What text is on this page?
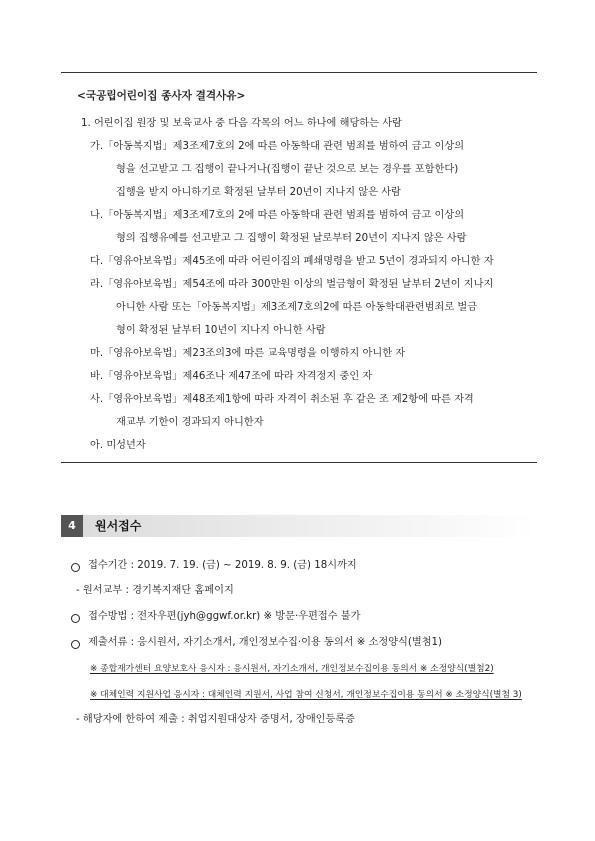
<국공립어린이집 종사자 결격사유>
1. 어린이집 원장 및 보육교사 중 다음 각목의 어느 하나에 해당하는 사람
가.「아동복지법」제3조제7호의 2에 따른 아동학대 관련 범죄를 범하여 금고 이상의
형을 선고받고 그 집행이 끝나거나(집행이 끝난 것으로 보는 경우를 포함한다)
집행을 받지 아니하기로 확정된 날부터 20년이 지나지 않은 사람
나.「아동복지법」제3조제7호의 2에 따른 아동학대 관련 범죄를 범하여 금고 이상의
형의 집행유예를 선고받고 그 집행이 확정된 날로부터 20년이 지나지 않은 사람
다.「영유아보육법」제45조에 따라 어린이집의 폐쇄명령을 받고 5년이 경과되지 아니한 자
라.「영유아보육법」제54조에 따라 300만원 이상의 벌금형이 확정된 날부터 2년이 지나지
아니한 사람 또는「아동복지법」제3조제7호의2에 따른 아동학대관련범죄로 벌금
형이 확정된 날부터 10년이 지나지 아니한 사람
마.「영유아보육법」제23조의3에 따른 교육명령을 이행하지 아니한 자
바.「영유아보육법」제46조나 제47조에 따라 자격정지 중인 자
사.「영유아보육법」제48조제1항에 따라 자격이 취소된 후 같은 조 제2항에 따른 자격
재교부 기한이 경과되지 아니한자
아. 미성년자
4	원서접수
접수기간 : 2019. 7. 19. (금) ~ 2019. 8. 9. (금) 18시까지
- 원서교부 : 경기복지재단 홈페이지
접수방법 : 전자우편(jyh@ggwf.or.kr) ※ 방문·우편접수 불가
제출서류 : 응시원서, 자기소개서, 개인정보수집·이용 동의서 ※ 소정양식(별첨1)
※ 종합재가센터 요양보호사 응시자 : 응시원서, 자기소개서, 개인정보수집이용 동의서 ※ 소정양식(별첨2)
※ 대체인력 지원사업 응시자 : 대체인력 지원서, 사업 참여 신청서, 개인정보수집이용 동의서 ※ 소정양식(별첨 3)
- 해당자에 한하여 제출 : 취업지원대상자 증명서, 장애인등록증
